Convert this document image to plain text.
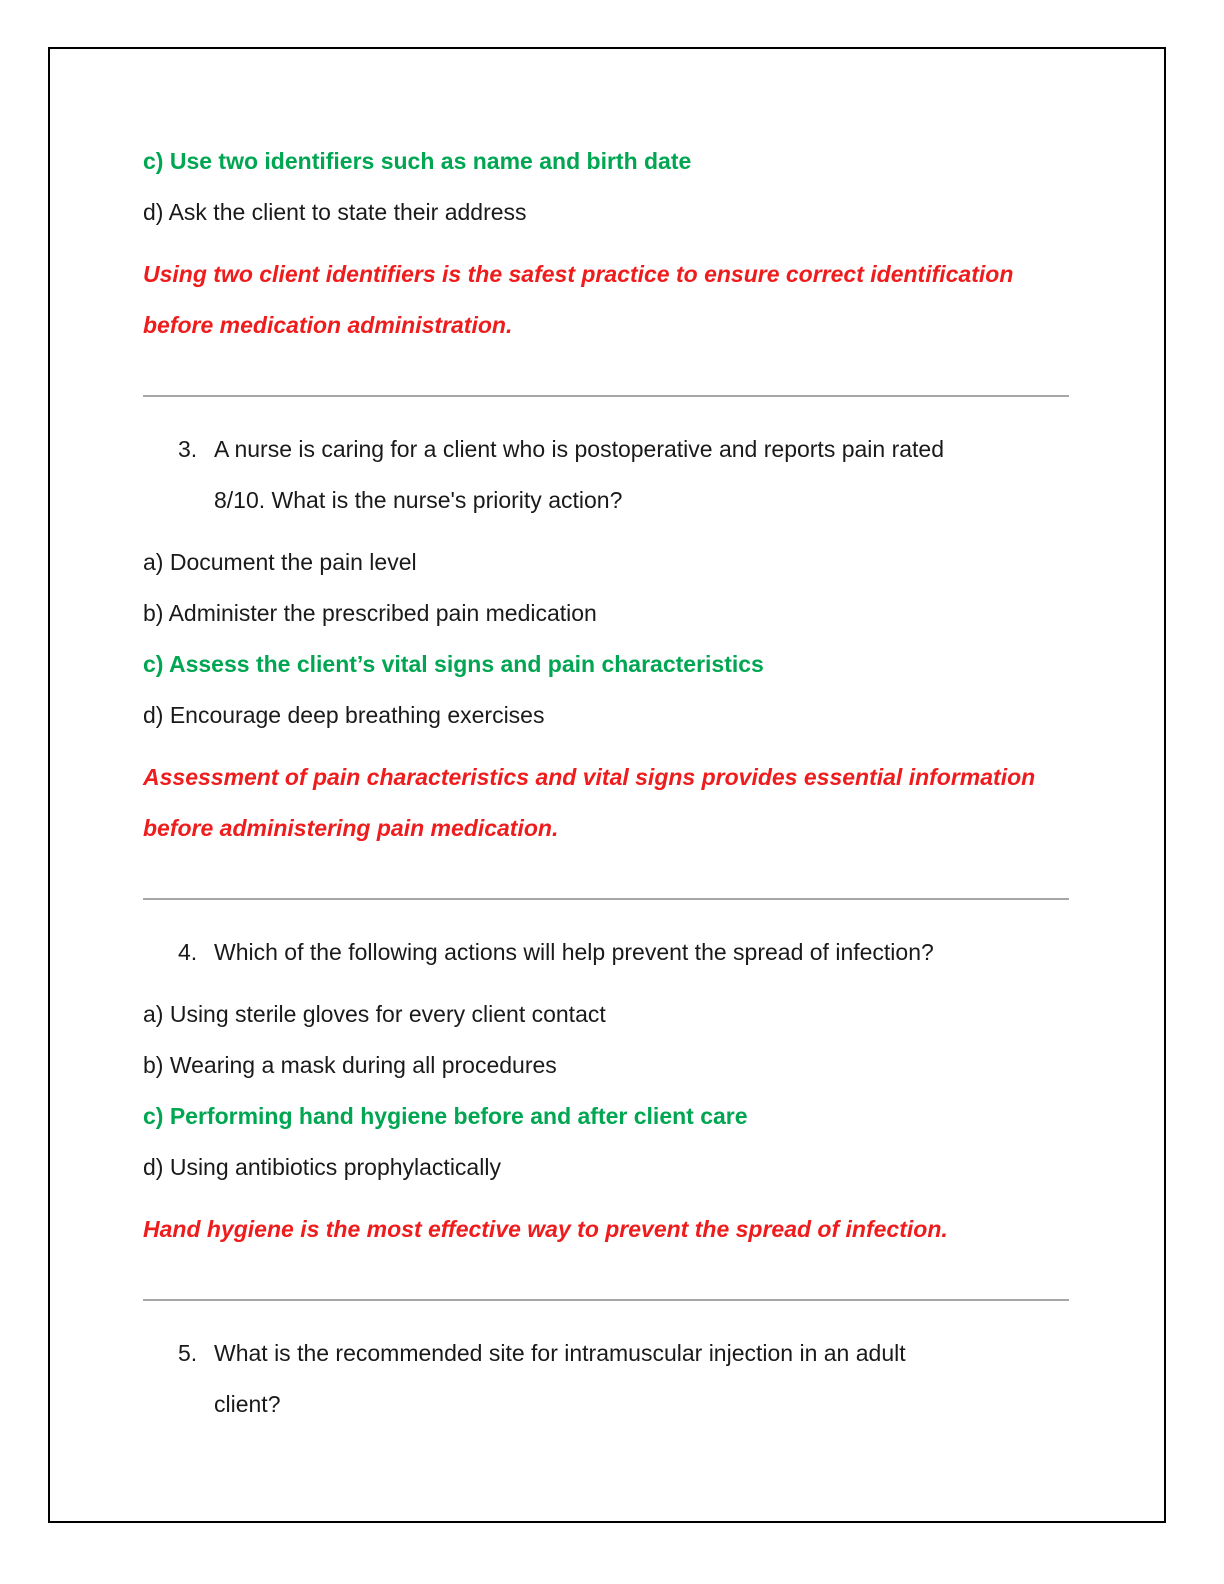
c) Use two identifiers such as name and birth date
d) Ask the client to state their address
Using two client identifiers is the safest practice to ensure correct identification
before medication administration.
3. A nurse is caring for a client who is postoperative and reports pain rated
8/10. What is the nurse's priority action?
a) Document the pain level
b) Administer the prescribed pain medication
c) Assess the client’s vital signs and pain characteristics
d) Encourage deep breathing exercises
Assessment of pain characteristics and vital signs provides essential information
before administering pain medication.
4. Which of the following actions will help prevent the spread of infection?
a) Using sterile gloves for every client contact
b) Wearing a mask during all procedures
c) Performing hand hygiene before and after client care
d) Using antibiotics prophylactically
Hand hygiene is the most effective way to prevent the spread of infection.
5. What is the recommended site for intramuscular injection in an adult
client?
